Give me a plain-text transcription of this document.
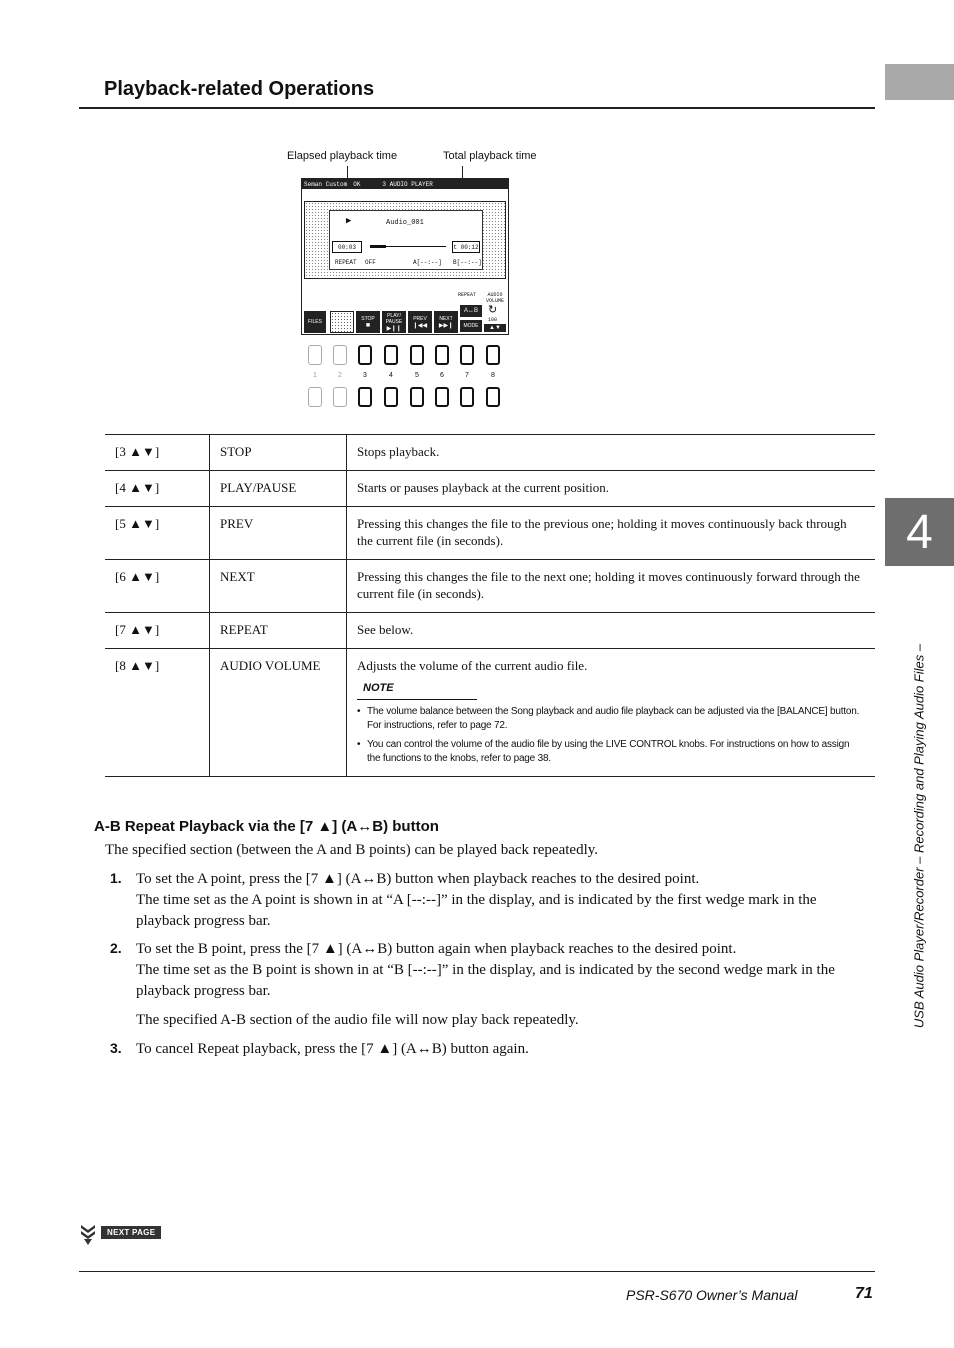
Playback-related Operations
4
USB Audio Player/Recorder – Recording and Playing Audio Files –
Elapsed playback time	Total playback time
Seman Custom OK	3 AUDIO PLAYER
▶	Audio_001
00:03	t 00:12
REPEAT OFF	A[--:--] B[--:--]
REPEAT	AUDIO VOLUME
FILES
STOP
■
PLAY/ PAUSE
▶❙❙
PREV
❙◀◀
NEXT
▶▶❙
A↔B
MODE
↻
100
▲▼
1	2	3	4	5	6	7	8
[3 ▲▼]	STOP	Stops playback.
[4 ▲▼]	PLAY/PAUSE	Starts or pauses playback at the current position.
[5 ▲▼]	PREV	Pressing this changes the file to the previous one; holding it moves continuously back through the current file (in seconds).
[6 ▲▼]	NEXT	Pressing this changes the file to the next one; holding it moves continuously forward through the current file (in seconds).
[7 ▲▼]	REPEAT	See below.
[8 ▲▼]	AUDIO VOLUME	Adjusts the volume of the current audio file.
NOTE
• The volume balance between the Song playback and audio file playback can be adjusted via the [BALANCE] button. For instructions, refer to page 72.
• You can control the volume of the audio file by using the LIVE CONTROL knobs. For instructions on how to assign the functions to the knobs, refer to page 38.
A-B Repeat Playback via the [7 ▲] (A↔B) button
The specified section (between the A and B points) can be played back repeatedly.
1. To set the A point, press the [7 ▲] (A↔B) button when playback reaches to the desired point.
The time set as the A point is shown in at “A [--:--]” in the display, and is indicated by the first wedge mark in the playback progress bar.
2. To set the B point, press the [7 ▲] (A↔B) button again when playback reaches to the desired point.
The time set as the B point is shown in at “B [--:--]” in the display, and is indicated by the second wedge mark in the playback progress bar.
The specified A-B section of the audio file will now play back repeatedly.
3. To cancel Repeat playback, press the [7 ▲] (A↔B) button again.
NEXT PAGE
PSR-S670 Owner’s Manual	71
